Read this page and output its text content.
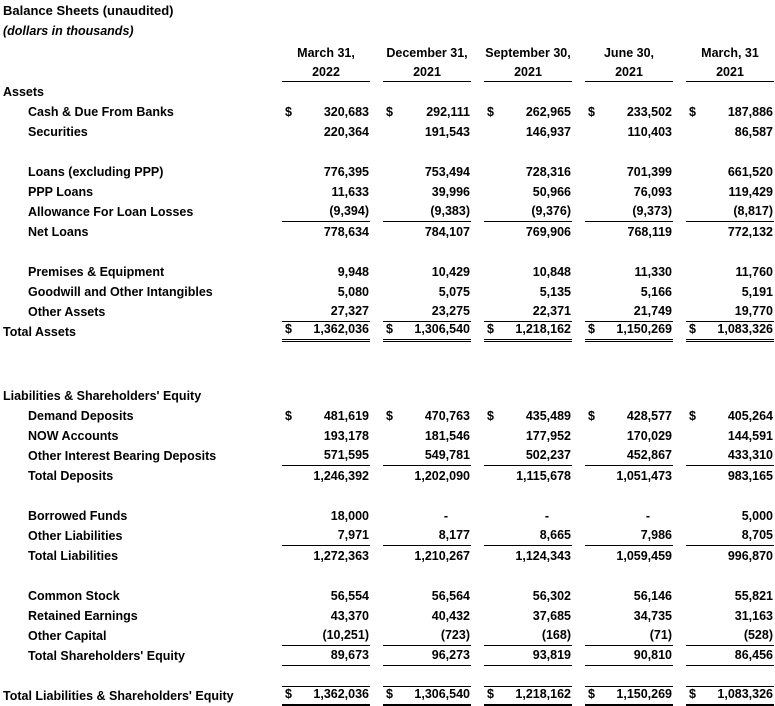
Balance Sheets (unaudited)
(dollars in thousands)
March 31,	December 31, September 30,	June 30,	March, 31
2022	2021	2021	2021	2021
Assets
Cash & Due From Banks	$	320,683 $	292,111 $	262,965 $	233,502 $	187,886
Securities	220,364	191,543	146,937	110,403	86,587
Loans (excluding PPP)	776,395	753,494	728,316	701,399	661,520
PPP Loans	11,633	39,996	50,966	76,093	119,429
Allowance For Loan Losses	(9,394)	(9,383)	(9,376)	(9,373)	(8,817)
Net Loans	778,634	784,107	769,906	768,119	772,132
Premises & Equipment	9,948	10,429	10,848	11,330	11,760
Goodwill and Other Intangibles	5,080	5,075	5,135	5,166	5,191
Other Assets	27,327	23,275	22,371	21,749	19,770
Total Assets	$ 1,362,036 $ 1,306,540 $ 1,218,162 $ 1,150,269 $ 1,083,326
Liabilities & Shareholders' Equity
Demand Deposits	$	481,619 $	470,763 $	435,489 $	428,577 $	405,264
NOW Accounts	193,178	181,546	177,952	170,029	144,591
Other Interest Bearing Deposits	571,595	549,781	502,237	452,867	433,310
Total Deposits	1,246,392	1,202,090	1,115,678	1,051,473	983,165
Borrowed Funds	18,000	-	-	-	5,000
Other Liabilities	7,971	8,177	8,665	7,986	8,705
Total Liabilities	1,272,363	1,210,267	1,124,343	1,059,459	996,870
Common Stock	56,554	56,564	56,302	56,146	55,821
Retained Earnings	43,370	40,432	37,685	34,735	31,163
Other Capital	(10,251)	(723)	(168)	(71)	(528)
Total Shareholders' Equity	89,673	96,273	93,819	90,810	86,456
Total Liabilities & Shareholders' Equity	$ 1,362,036 $ 1,306,540 $ 1,218,162 $ 1,150,269 $ 1,083,326
